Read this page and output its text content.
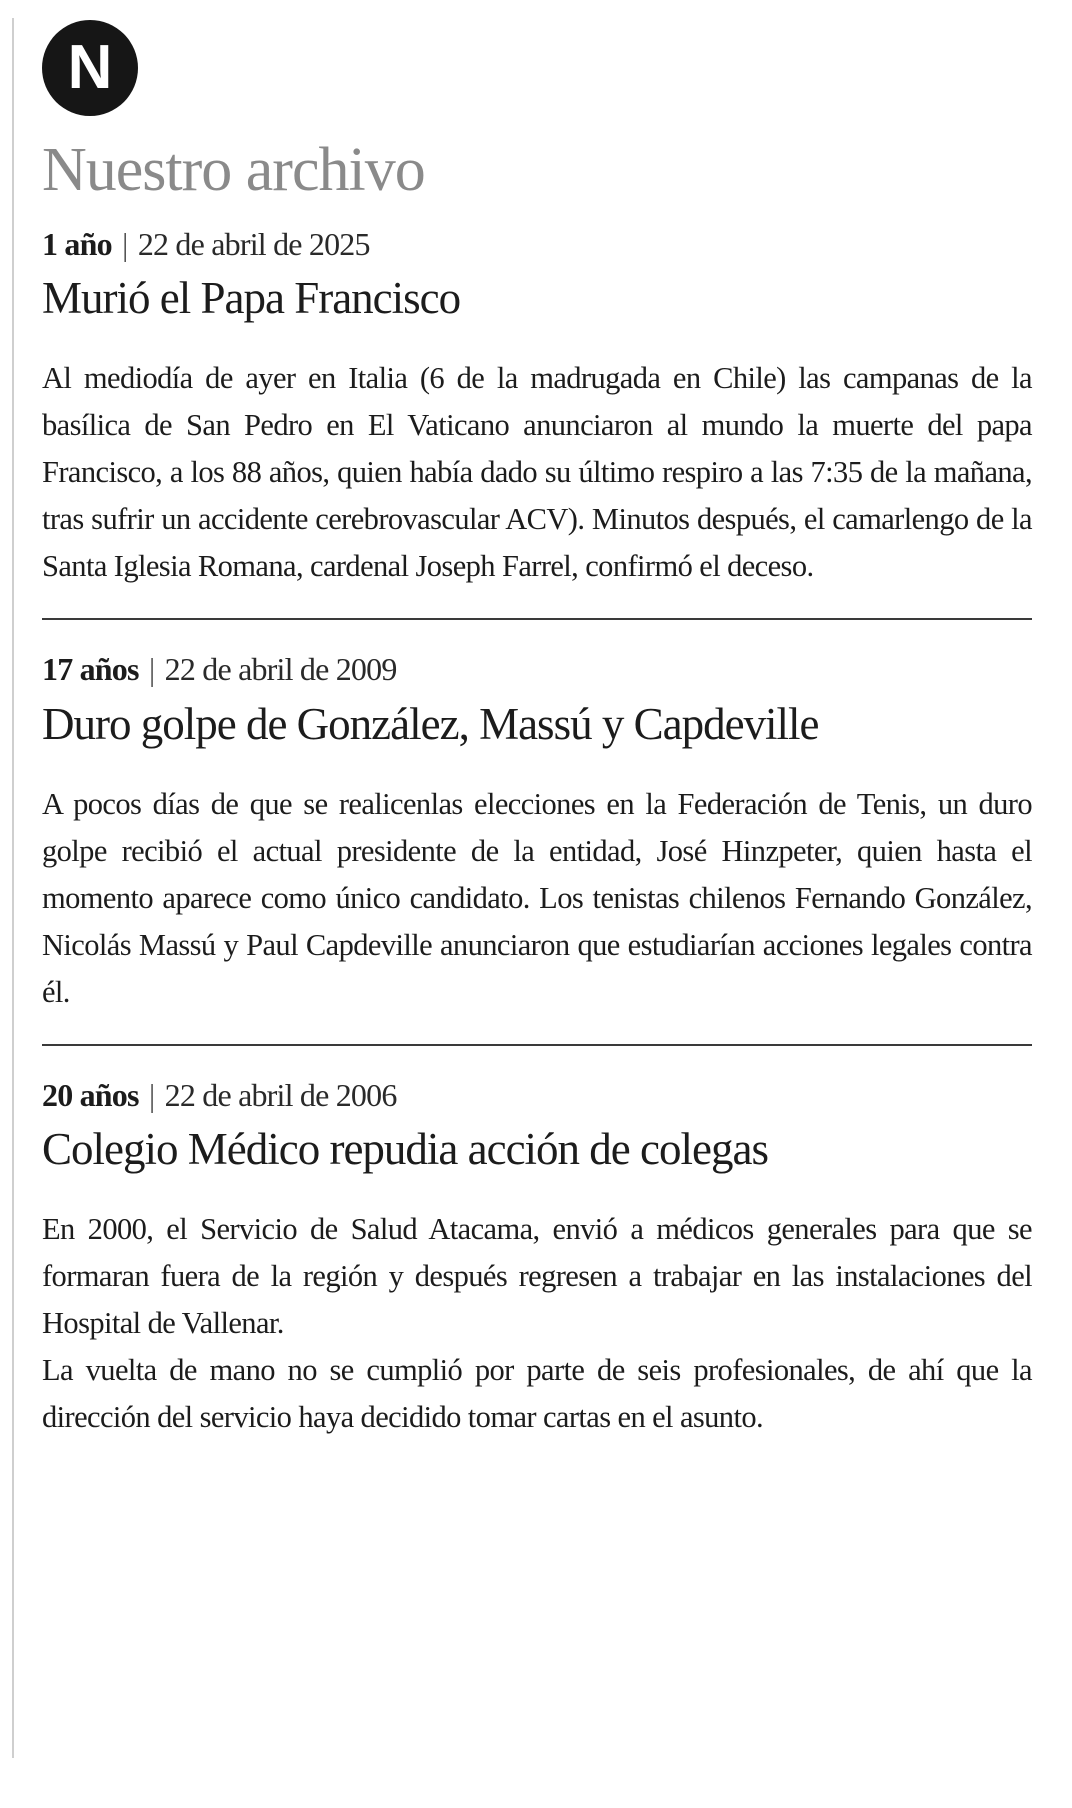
N
Nuestro archivo
1 año | 22 de abril de 2025
Murió el Papa Francisco

Al mediodía de ayer en Italia (6 de la madrugada en Chile) las campanas de la basílica de San Pedro en El Vaticano anunciaron al mundo la muerte del papa Francisco, a los 88 años, quien había dado su último respiro a las 7:35 de la mañana, tras sufrir un accidente cerebrovascular ACV). Minutos después, el camarlengo de la Santa Iglesia Romana, cardenal Joseph Farrel, confirmó el deceso.

17 años | 22 de abril de 2009
Duro golpe de González, Massú y Capdeville

A pocos días de que se realicenlas elecciones en la Federación de Tenis, un duro golpe recibió el actual presidente de la entidad, José Hinzpeter, quien hasta el momento aparece como único candidato. Los tenistas chilenos Fernando González, Nicolás Massú y Paul Capdeville anunciaron que estudiarían acciones legales contra él.

20 años | 22 de abril de 2006
Colegio Médico repudia acción de colegas

En 2000, el Servicio de Salud Atacama, envió a médicos generales para que se formaran fuera de la región y después regresen a trabajar en las instalaciones del Hospital de Vallenar.

La vuelta de mano no se cumplió por parte de seis profesionales, de ahí que la dirección del servicio haya decidido tomar cartas en el asunto.
